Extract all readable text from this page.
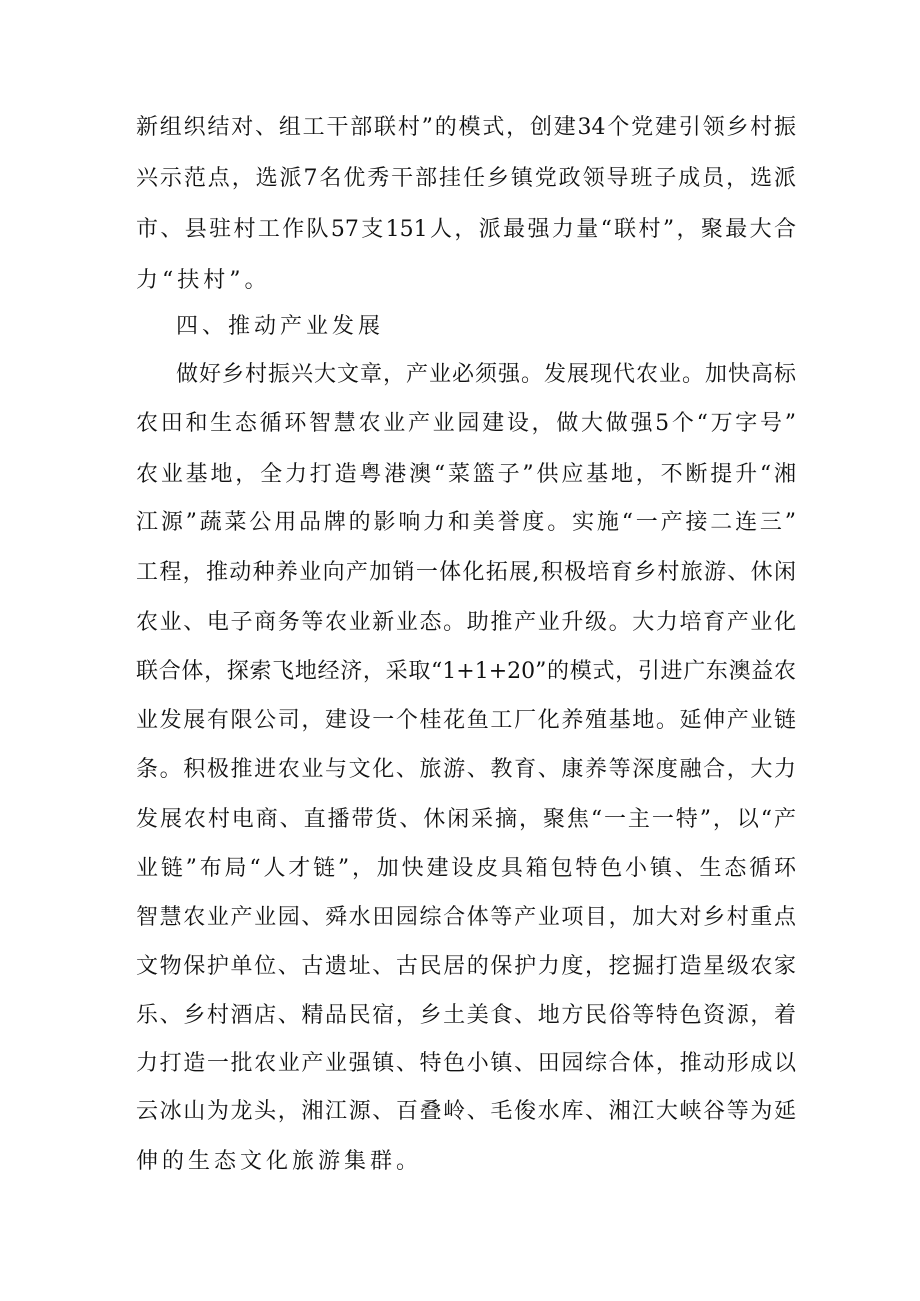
新组织结对、组工干部联村”的模式，创建34个党建引领乡村振
兴示范点，选派7名优秀干部挂任乡镇党政领导班子成员，选派
市、县驻村工作队57支151人，派最强力量“联村”，聚最大合
力“扶村”。
四、推动产业发展
做好乡村振兴大文章，产业必须强。发展现代农业。加快高标
农田和生态循环智慧农业产业园建设，做大做强5个“万字号”
农业基地，全力打造粤港澳“菜篮子”供应基地，不断提升“湘
江源”蔬菜公用品牌的影响力和美誉度。实施“一产接二连三”
工程，推动种养业向产加销一体化拓展,积极培育乡村旅游、休闲
农业、电子商务等农业新业态。助推产业升级。大力培育产业化
联合体，探索飞地经济，采取“1+1+20”的模式，引进广东澳益农
业发展有限公司，建设一个桂花鱼工厂化养殖基地。延伸产业链
条。积极推进农业与文化、旅游、教育、康养等深度融合，大力
发展农村电商、直播带货、休闲采摘，聚焦“一主一特”，以“产
业链”布局“人才链”，加快建设皮具箱包特色小镇、生态循环
智慧农业产业园、舜水田园综合体等产业项目，加大对乡村重点
文物保护单位、古遗址、古民居的保护力度，挖掘打造星级农家
乐、乡村酒店、精品民宿，乡土美食、地方民俗等特色资源，着
力打造一批农业产业强镇、特色小镇、田园综合体，推动形成以
云冰山为龙头，湘江源、百叠岭、毛俊水库、湘江大峡谷等为延
伸的生态文化旅游集群。
